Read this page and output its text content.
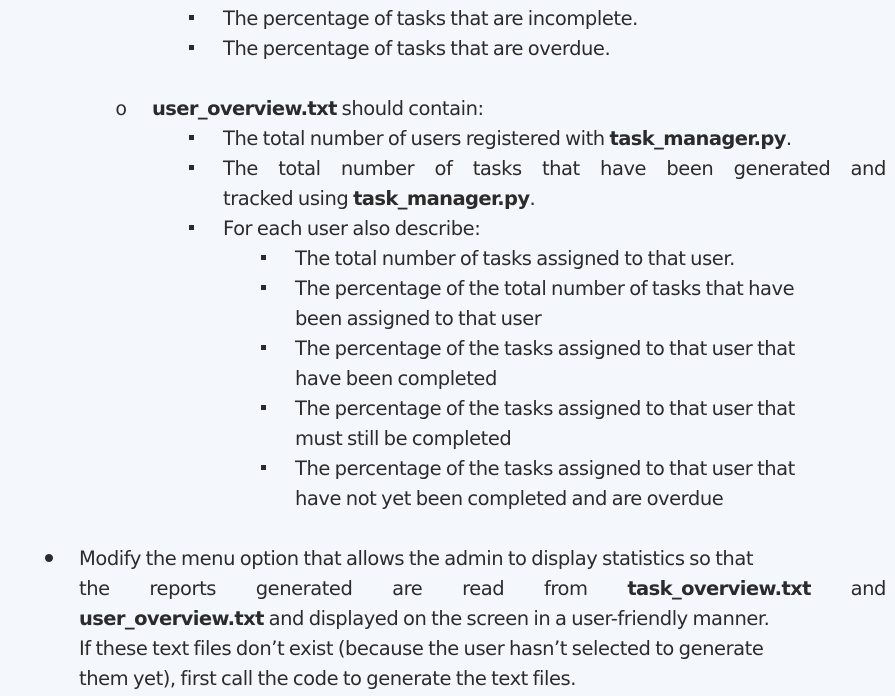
The percentage of tasks that are incomplete.
The percentage of tasks that are overdue.
o user_overview.txt should contain:
The total number of users registered with task_manager.py.
The total number of tasks that have been generated and
tracked using task_manager.py.
For each user also describe:
The total number of tasks assigned to that user.
The percentage of the total number of tasks that have
been assigned to that user
The percentage of the tasks assigned to that user that
have been completed
The percentage of the tasks assigned to that user that
must still be completed
The percentage of the tasks assigned to that user that
have not yet been completed and are overdue
Modify the menu option that allows the admin to display statistics so that
the reports generated are read from task_overview.txt and
user_overview.txt and displayed on the screen in a user-friendly manner.
If these text files don’t exist (because the user hasn’t selected to generate
them yet), first call the code to generate the text files.
